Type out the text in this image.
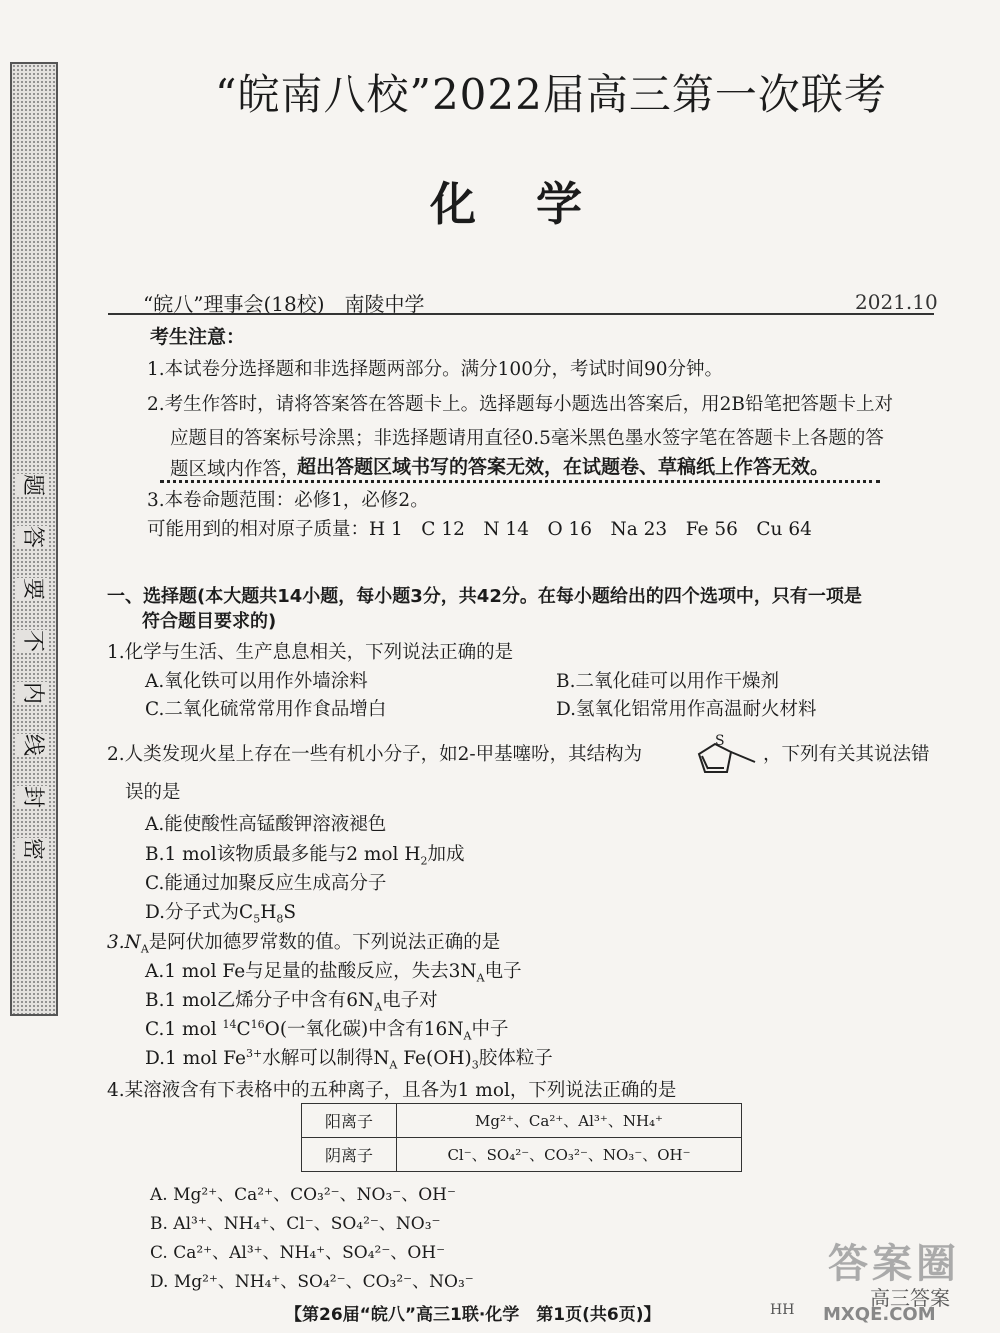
题
答
要
不
内
线
封
密
“皖南八校”2022届高三第一次联考
化学
“皖八”理事会(18校)　南陵中学	2021.10
考生注意：
1.本试卷分选择题和非选择题两部分。满分100分，考试时间90分钟。
2.考生作答时，请将答案答在答题卡上。选择题每小题选出答案后，用2B铅笔把答题卡上对
应题目的答案标号涂黑；非选择题请用直径0.5毫米黑色墨水签字笔在答题卡上各题的答
题区域内作答，
超出答题区域书写的答案无效，在试题卷、草稿纸上作答无效。
3.本卷命题范围：必修1，必修2。
可能用到的相对原子质量：H 1　C 12　N 14　O 16　Na 23　Fe 56　Cu 64
一、选择题(本大题共14小题，每小题3分，共42分。在每小题给出的四个选项中，只有一项是
符合题目要求的)
1.化学与生活、生产息息相关，下列说法正确的是
A.氧化铁可以用作外墙涂料	B.二氧化硅可以用作干燥剂
C.二氧化硫常常用作食品增白	D.氢氧化铝常用作高温耐火材料
2.人类发现火星上存在一些有机小分子，如2-甲基噻吩，其结构为
S
，下列有关其说法错
误的是
A.能使酸性高锰酸钾溶液褪色
B.1 mol该物质最多能与2 mol $H_2$加成
C.能通过加聚反应生成高分子
D.分子式为$C_5H_8S$
$3.N_A$是阿伏加德罗常数的值。下列说法正确的是
A.1 mol Fe与足量的盐酸反应，失去$3N_A$电子
B.1 mol乙烯分子中含有$6N_A$电子对
C.1 mol $^{14}C^{16}O$(一氧化碳)中含有$16N_A$中子
D.1 mol $Fe^{3+}$水解可以制得$N_A$ $Fe(OH)_3$胶体粒子
4.某溶液含有下表格中的五种离子，且各为1 mol，下列说法正确的是
阳离子	Mg²⁺、Ca²⁺、Al³⁺、NH₄⁺
阴离子	Cl⁻、SO₄²⁻、CO₃²⁻、NO₃⁻、OH⁻
A. Mg²⁺、Ca²⁺、CO₃²⁻、NO₃⁻、OH⁻
B. Al³⁺、NH₄⁺、Cl⁻、SO₄²⁻、NO₃⁻
C. Ca²⁺、Al³⁺、NH₄⁺、SO₄²⁻、OH⁻
D. Mg²⁺、NH₄⁺、SO₄²⁻、CO₃²⁻、NO₃⁻
【第26届“皖八”高三1联·化学　第1页(共6页)】	HH
答案圈
高三答案
MXQE.COM
